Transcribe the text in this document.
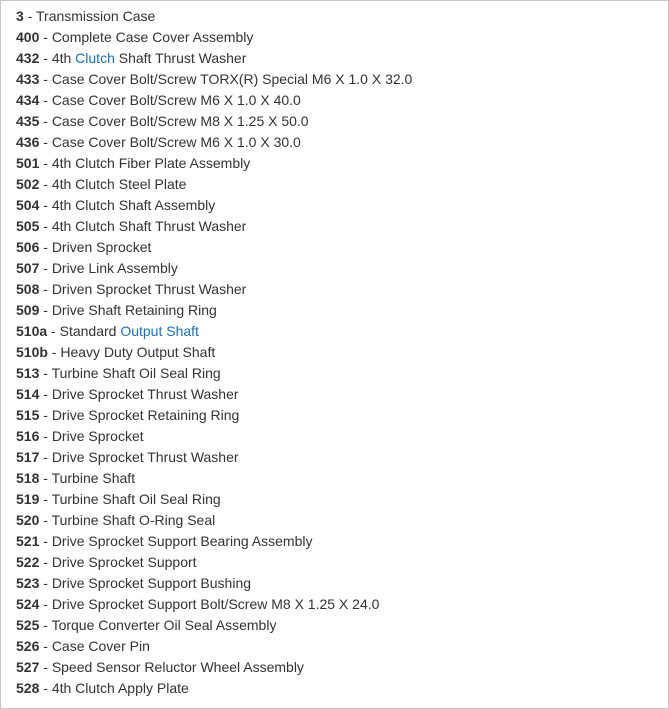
3 - Transmission Case
400 - Complete Case Cover Assembly
432 - 4th Clutch Shaft Thrust Washer
433 - Case Cover Bolt/Screw TORX(R) Special M6 X 1.0 X 32.0
434 - Case Cover Bolt/Screw M6 X 1.0 X 40.0
435 - Case Cover Bolt/Screw M8 X 1.25 X 50.0
436 - Case Cover Bolt/Screw M6 X 1.0 X 30.0
501 - 4th Clutch Fiber Plate Assembly
502 - 4th Clutch Steel Plate
504 - 4th Clutch Shaft Assembly
505 - 4th Clutch Shaft Thrust Washer
506 - Driven Sprocket
507 - Drive Link Assembly
508 - Driven Sprocket Thrust Washer
509 - Drive Shaft Retaining Ring
510a - Standard Output Shaft
510b - Heavy Duty Output Shaft
513 - Turbine Shaft Oil Seal Ring
514 - Drive Sprocket Thrust Washer
515 - Drive Sprocket Retaining Ring
516 - Drive Sprocket
517 - Drive Sprocket Thrust Washer
518 - Turbine Shaft
519 - Turbine Shaft Oil Seal Ring
520 - Turbine Shaft O-Ring Seal
521 - Drive Sprocket Support Bearing Assembly
522 - Drive Sprocket Support
523 - Drive Sprocket Support Bushing
524 - Drive Sprocket Support Bolt/Screw M8 X 1.25 X 24.0
525 - Torque Converter Oil Seal Assembly
526 - Case Cover Pin
527 - Speed Sensor Reluctor Wheel Assembly
528 - 4th Clutch Apply Plate
